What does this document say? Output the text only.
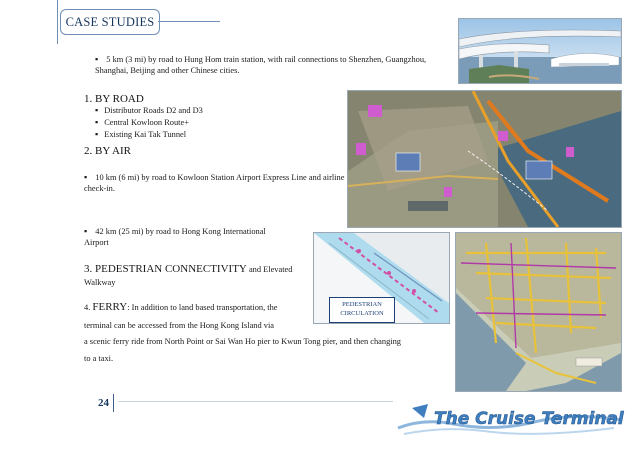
CASE STUDIES
▪ 5 km (3 mi) by road to Hung Hom train station, with rail connections to Shenzhen, Guangzhou, Shanghai, Beijing and other Chinese cities.
1. BY ROAD
▪ Distributor Roads D2 and D3
▪ Central Kowloon Route+
▪ Existing Kai Tak Tunnel
2. BY AIR
▪ 10 km (6 mi) by road to Kowloon Station Airport Express Line and airline check-in.
▪ 42 km (25 mi) by road to Hong Kong International Airport
3. PEDESTRIAN CONNECTIVITY and Elevated Walkway
PEDESTRIAN CIRCULATION
4. FERRY: In addition to land based transportation, the
terminal can be accessed from the Hong Kong Island via
a scenic ferry ride from North Point or Sai Wan Ho pier to Kwun Tong pier, and then changing
to a taxi.
24
The Cruise Terminal
